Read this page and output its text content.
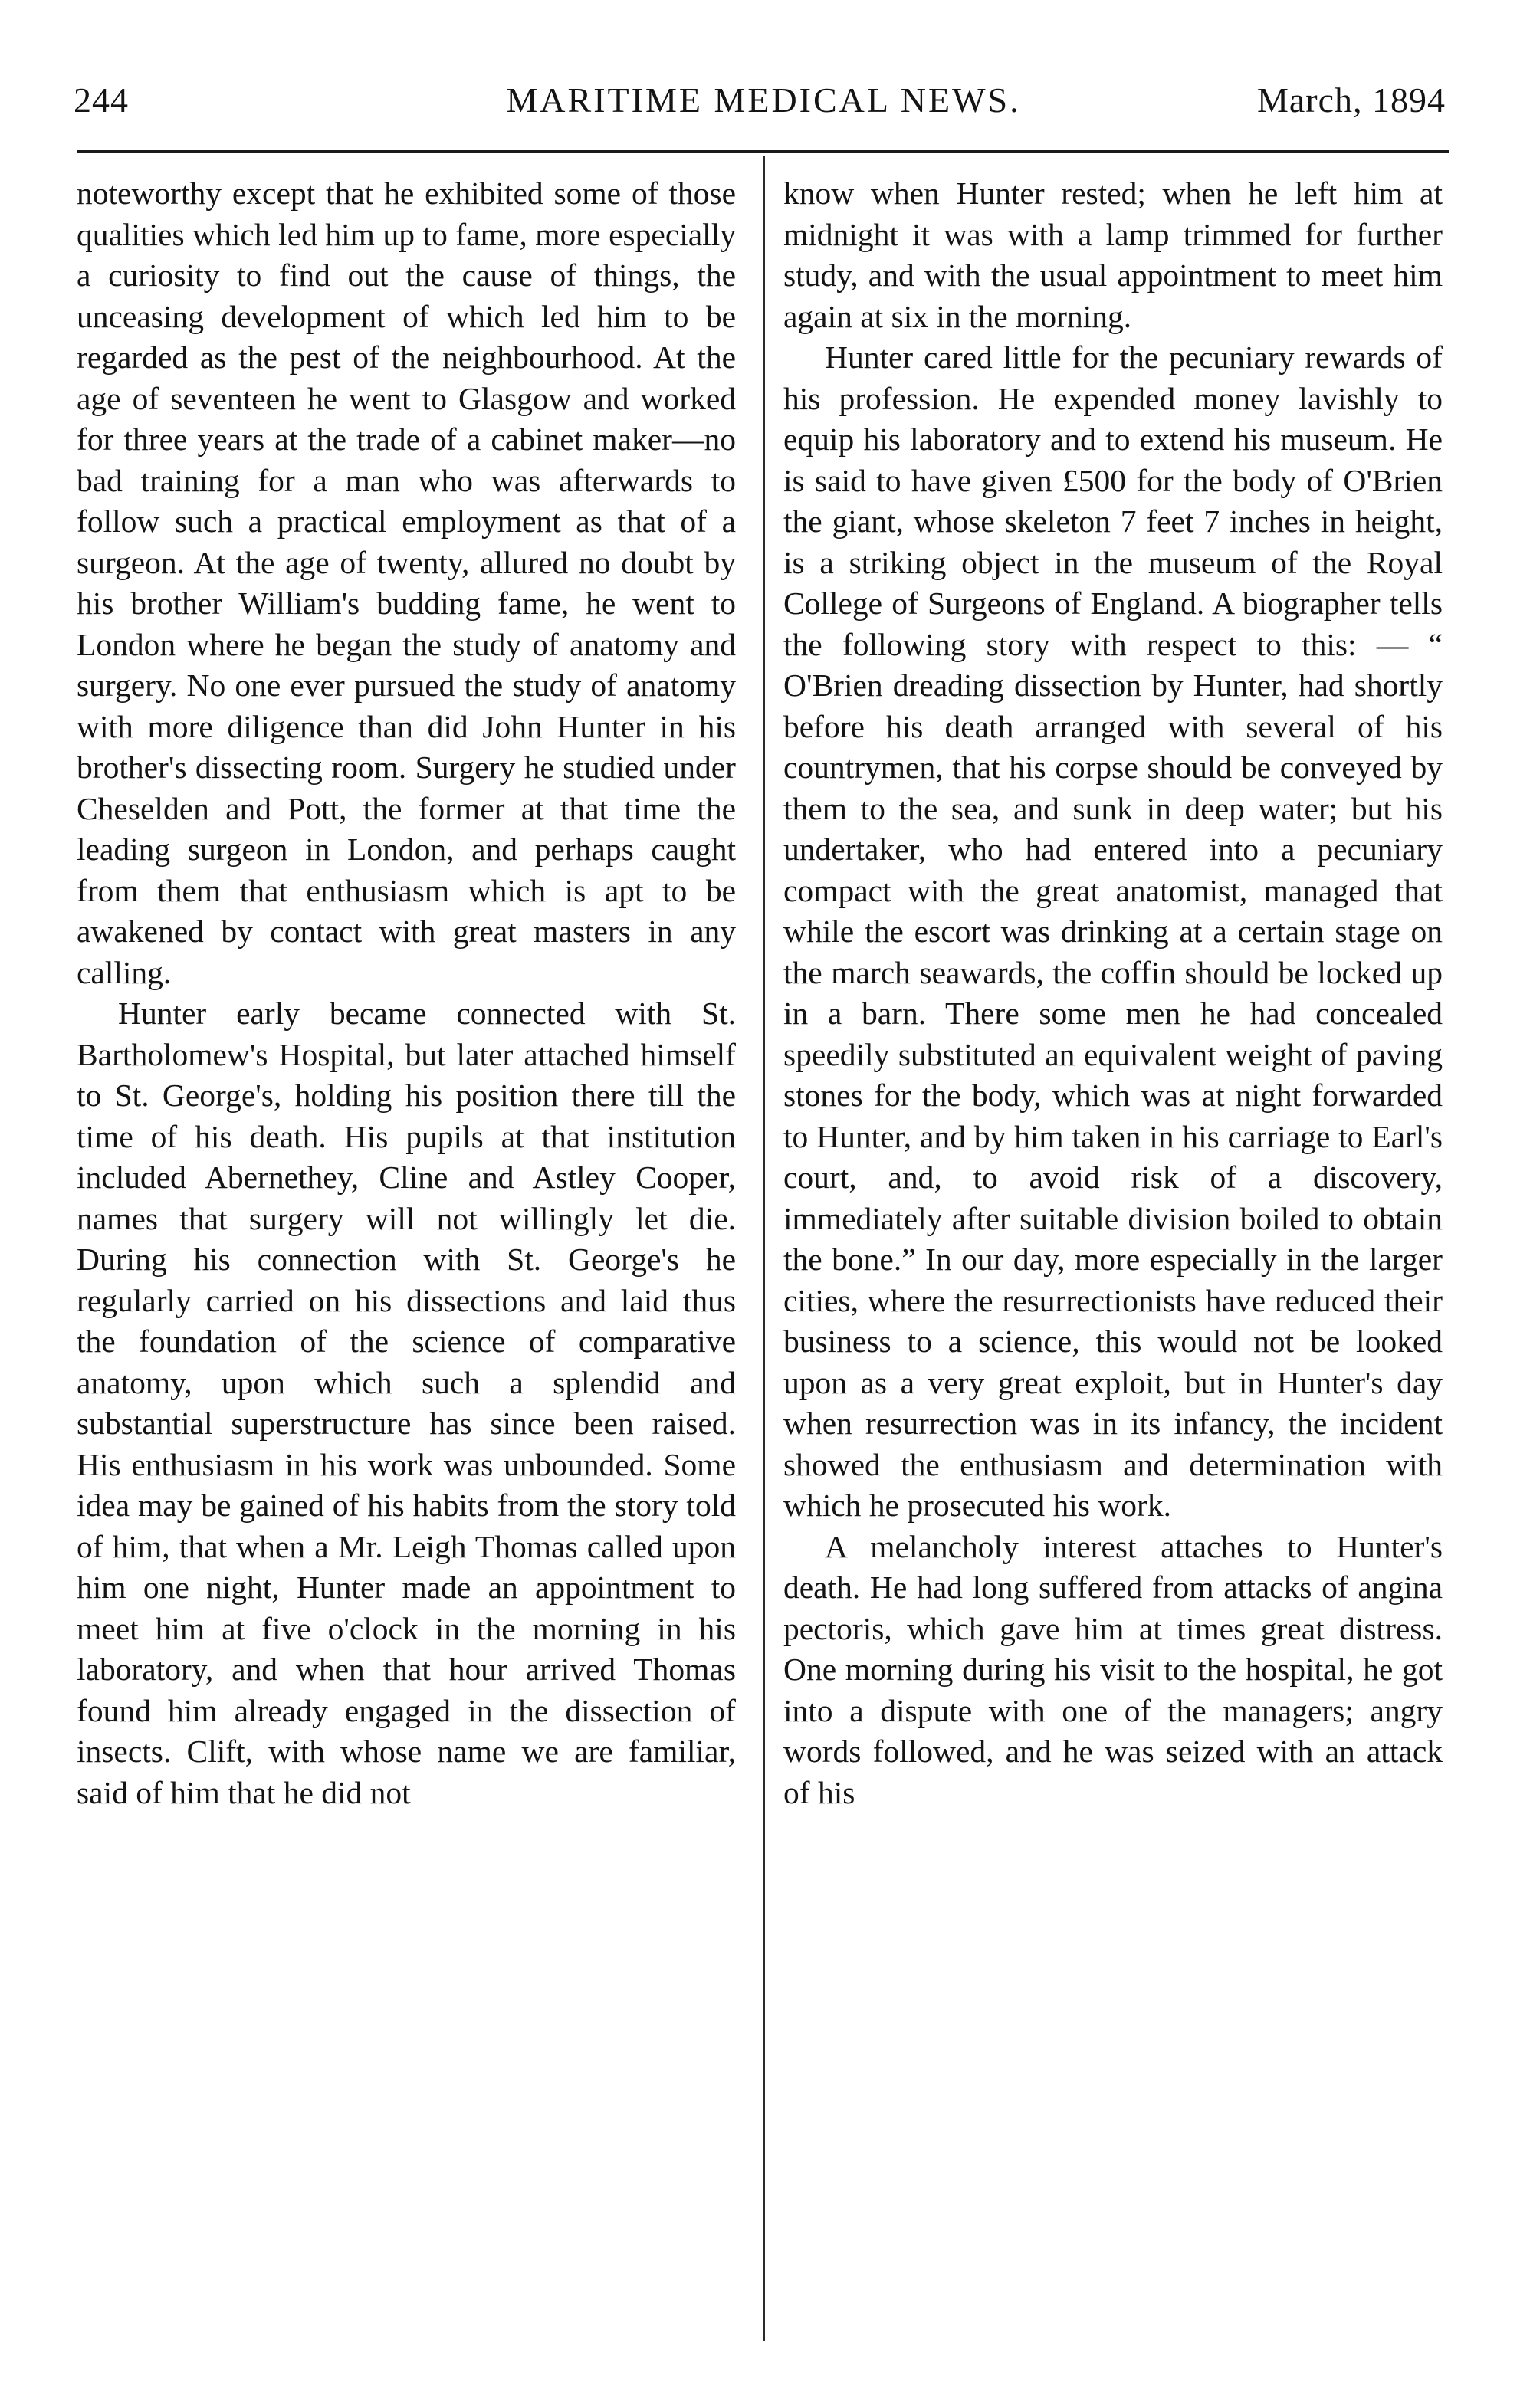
244	MARITIME MEDICAL NEWS.	March, 1894

noteworthy except that he exhibited some of those qualities which led him up to fame, more especially a curiosity to find out the cause of things, the unceasing development of which led him to be regarded as the pest of the neighbourhood. At the age of seventeen he went to Glasgow and worked for three years at the trade of a cabinet maker—no bad training for a man who was afterwards to follow such a practical employment as that of a surgeon. At the age of twenty, allured no doubt by his brother William's budding fame, he went to London where he began the study of anatomy and surgery. No one ever pursued the study of anatomy with more diligence than did John Hunter in his brother's dissecting room. Surgery he studied under Cheselden and Pott, the former at that time the leading surgeon in London, and perhaps caught from them that enthusiasm which is apt to be awakened by contact with great masters in any calling.

Hunter early became connected with St. Bartholomew's Hospital, but later attached himself to St. George's, holding his position there till the time of his death. His pupils at that institution included Abernethey, Cline and Astley Cooper, names that surgery will not willingly let die. During his connection with St. George's he regularly carried on his dissections and laid thus the foundation of the science of comparative anatomy, upon which such a splendid and substantial superstructure has since been raised. His enthusiasm in his work was unbounded. Some idea may be gained of his habits from the story told of him, that when a Mr. Leigh Thomas called upon him one night, Hunter made an appointment to meet him at five o'clock in the morning in his laboratory, and when that hour arrived Thomas found him already engaged in the dissection of insects. Clift, with whose name we are familiar, said of him that he did not

know when Hunter rested; when he left him at midnight it was with a lamp trimmed for further study, and with the usual appointment to meet him again at six in the morning.

Hunter cared little for the pecuniary rewards of his profession. He expended money lavishly to equip his laboratory and to extend his museum. He is said to have given £500 for the body of O'Brien the giant, whose skeleton 7 feet 7 inches in height, is a striking object in the museum of the Royal College of Surgeons of England. A biographer tells the following story with respect to this: — “ O'Brien dreading dissection by Hunter, had shortly before his death arranged with several of his countrymen, that his corpse should be conveyed by them to the sea, and sunk in deep water; but his undertaker, who had entered into a pecuniary compact with the great anatomist, managed that while the escort was drinking at a certain stage on the march seawards, the coffin should be locked up in a barn. There some men he had concealed speedily substituted an equivalent weight of paving stones for the body, which was at night forwarded to Hunter, and by him taken in his carriage to Earl's court, and, to avoid risk of a discovery, immediately after suitable division boiled to obtain the bone.” In our day, more especially in the larger cities, where the resurrectionists have reduced their business to a science, this would not be looked upon as a very great exploit, but in Hunter's day when resurrection was in its infancy, the incident showed the enthusiasm and determination with which he prosecuted his work.

A melancholy interest attaches to Hunter's death. He had long suffered from attacks of angina pectoris, which gave him at times great distress. One morning during his visit to the hospital, he got into a dispute with one of the managers; angry words followed, and he was seized with an attack of his
